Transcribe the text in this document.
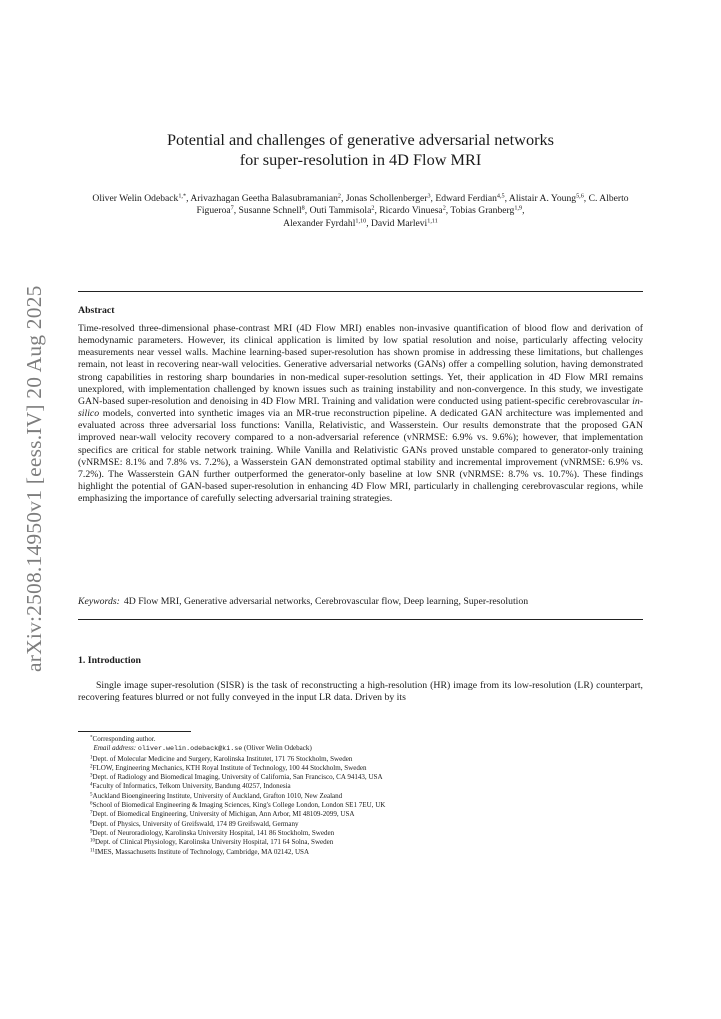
arXiv:2508.14950v1 [eess.IV] 20 Aug 2025
Potential and challenges of generative adversarial networks
for super-resolution in 4D Flow MRI
Oliver Welin Odeback$^{1,*}$, Arivazhagan Geetha Balasubramanian$^2$, Jonas Schollenberger$^3$, Edward Ferdian$^{4,5}$, Alistair A. Young$^{5,6}$, C. Alberto Figueroa$^7$, Susanne Schnell$^8$, Outi Tammisola$^2$, Ricardo Vinuesa$^2$, Tobias Granberg$^{1,9}$,
Alexander Fyrdahl$^{1,10}$, David Marlevi$^{1,11}$
Abstract
Time-resolved three-dimensional phase-contrast MRI (4D Flow MRI) enables non-invasive quantification of blood flow and derivation of hemodynamic parameters. However, its clinical application is limited by low spatial resolution and noise, particularly affecting velocity measurements near vessel walls. Machine learning-based super-resolution has shown promise in addressing these limitations, but challenges remain, not least in recovering near-wall velocities. Generative adversarial networks (GANs) offer a compelling solution, having demonstrated strong capabilities in restoring sharp boundaries in non-medical super-resolution settings. Yet, their application in 4D Flow MRI remains unexplored, with implementation challenged by known issues such as training instability and non-convergence. In this study, we investigate GAN-based super-resolution and denoising in 4D Flow MRI. Training and validation were conducted using patient-specific cerebrovascular in-silico models, converted into synthetic images via an MR-true reconstruction pipeline. A dedicated GAN architecture was implemented and evaluated across three adversarial loss functions: Vanilla, Relativistic, and Wasserstein. Our results demonstrate that the proposed GAN improved near-wall velocity recovery compared to a non-adversarial reference (vNRMSE: 6.9% vs. 9.6%); however, that implementation specifics are critical for stable network training. While Vanilla and Relativistic GANs proved unstable compared to generator-only training (vNRMSE: 8.1% and 7.8% vs. 7.2%), a Wasserstein GAN demonstrated optimal stability and incremental improvement (vNRMSE: 6.9% vs. 7.2%). The Wasserstein GAN further outperformed the generator-only baseline at low SNR (vNRMSE: 8.7% vs. 10.7%). These findings highlight the potential of GAN-based super-resolution in enhancing 4D Flow MRI, particularly in challenging cerebrovascular regions, while emphasizing the importance of carefully selecting adversarial training strategies.
Keywords: 4D Flow MRI, Generative adversarial networks, Cerebrovascular flow, Deep learning, Super-resolution
1. Introduction
Single image super-resolution (SISR) is the task of reconstructing a high-resolution (HR) image from its low-resolution (LR) counterpart, recovering features blurred or not fully conveyed in the input LR data. Driven by its
*Corresponding author.
 Email address: oliver.welin.odeback@ki.se (Oliver Welin Odeback)
$^1$Dept. of Molecular Medicine and Surgery, Karolinska Institutet, 171 76 Stockholm, Sweden
$^2$FLOW, Engineering Mechanics, KTH Royal Institute of Technology, 100 44 Stockholm, Sweden
$^3$Dept. of Radiology and Biomedical Imaging, University of California, San Francisco, CA 94143, USA
$^4$Faculty of Informatics, Telkom University, Bandung 40257, Indonesia
$^5$Auckland Bioengineering Institute, University of Auckland, Grafton 1010, New Zealand
$^6$School of Biomedical Engineering & Imaging Sciences, King's College London, London SE1 7EU, UK
$^7$Dept. of Biomedical Engineering, University of Michigan, Ann Arbor, MI 48109-2099, USA
$^8$Dept. of Physics, University of Greifswald, 174 89 Greifswald, Germany
$^9$Dept. of Neuroradiology, Karolinska University Hospital, 141 86 Stockholm, Sweden
$^{10}$Dept. of Clinical Physiology, Karolinska University Hospital, 171 64 Solna, Sweden
$^{11}$IMES, Massachusetts Institute of Technology, Cambridge, MA 02142, USA
